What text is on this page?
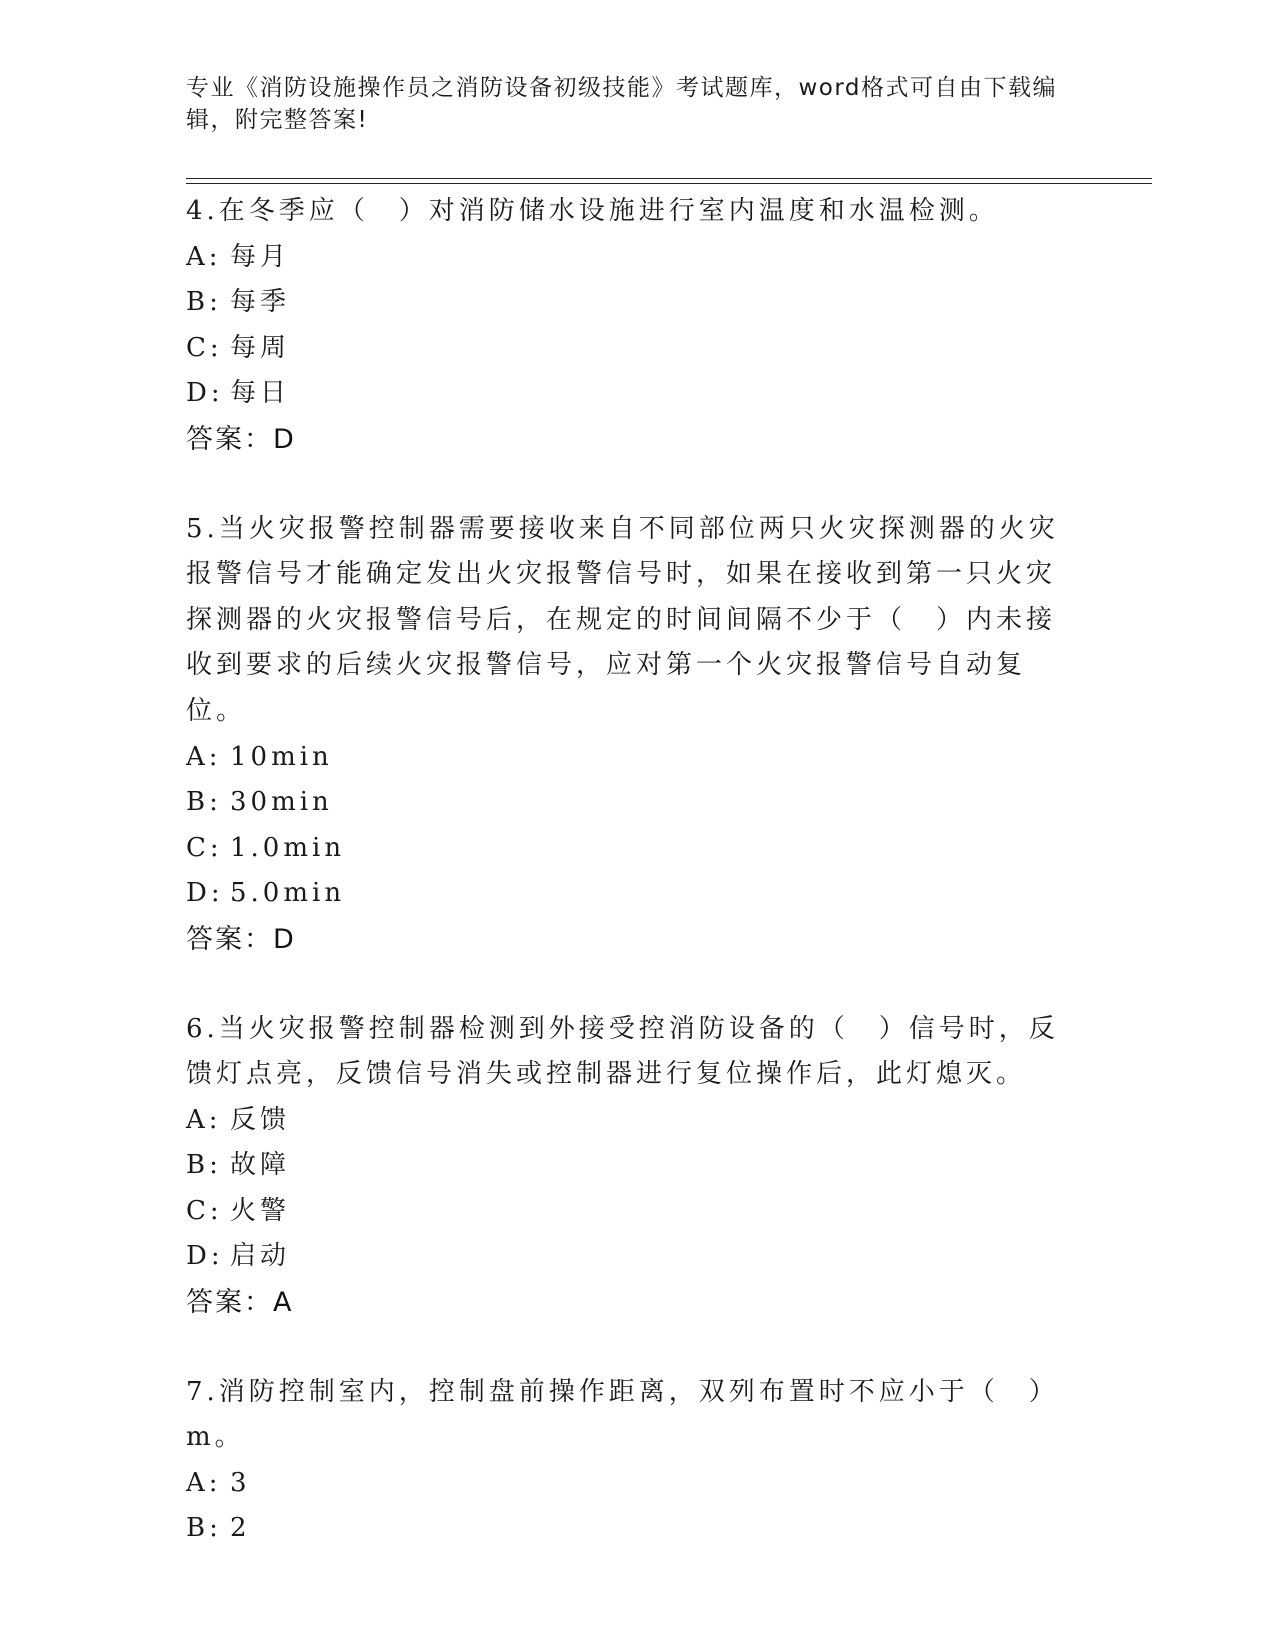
专业《消防设施操作员之消防设备初级技能》考试题库，word格式可自由下载编
辑，附完整答案!

4.在冬季应（　）对消防储水设施进行室内温度和水温检测。

A: 每月

B: 每季

C: 每周

D: 每日

答案：D

5.当火灾报警控制器需要接收来自不同部位两只火灾探测器的火灾报警信号才能确定发出火灾报警信号时，如果在接收到第一只火灾探测器的火灾报警信号后，在规定的时间间隔不少于（　）内未接收到要求的后续火灾报警信号，应对第一个火灾报警信号自动复位。

A: 10min

B: 30min

C: 1.0min

D: 5.0min

答案：D

6.当火灾报警控制器检测到外接受控消防设备的（　）信号时，反馈灯点亮，反馈信号消失或控制器进行复位操作后，此灯熄灭。

A: 反馈

B: 故障

C: 火警

D: 启动

答案：A

7.消防控制室内，控制盘前操作距离，双列布置时不应小于（　）m。

A: 3

B: 2
